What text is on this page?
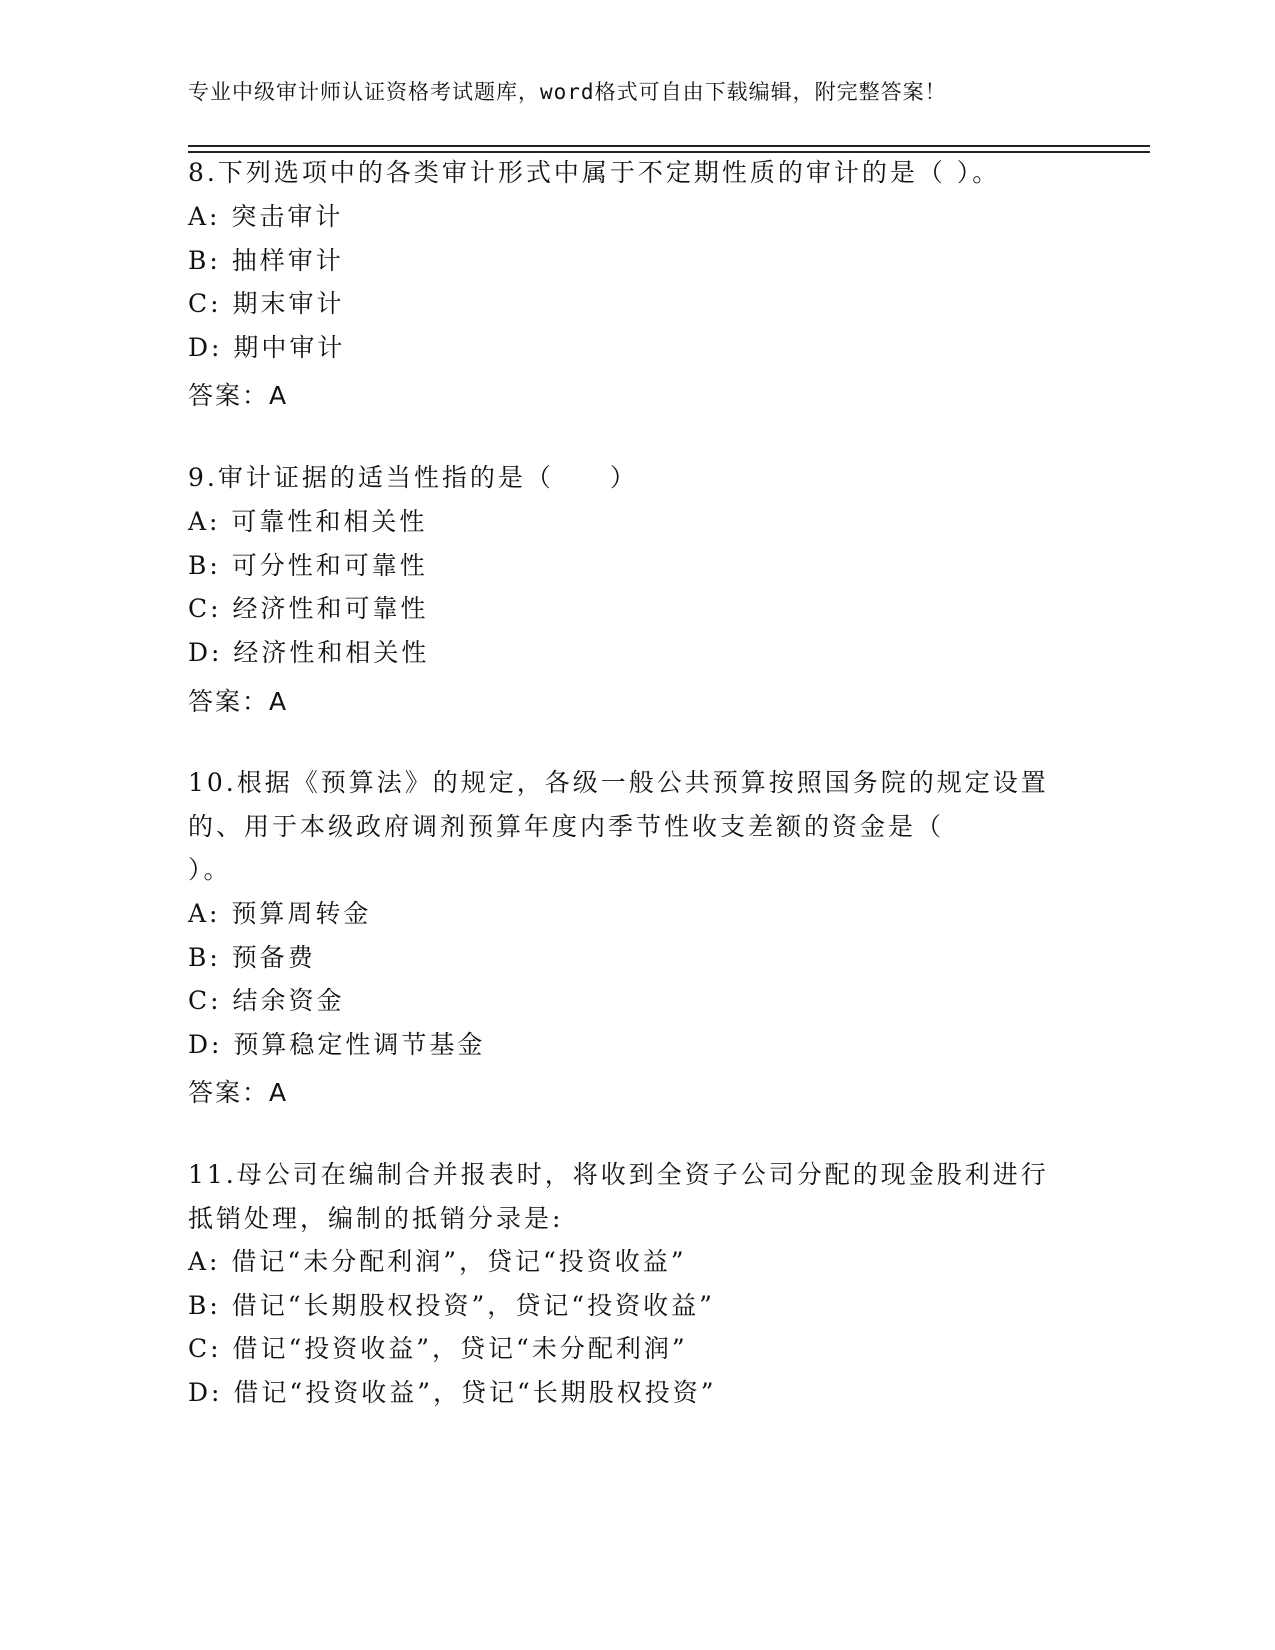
专业中级审计师认证资格考试题库，word格式可自由下载编辑，附完整答案！
8.下列选项中的各类审计形式中属于不定期性质的审计的是（ ）。
A: 突击审计
B: 抽样审计
C: 期末审计
D: 期中审计
答案：A
9.审计证据的适当性指的是（　　）
A: 可靠性和相关性
B: 可分性和可靠性
C: 经济性和可靠性
D: 经济性和相关性
答案：A
10.根据《预算法》的规定，各级一般公共预算按照国务院的规定设置
的、用于本级政府调剂预算年度内季节性收支差额的资金是（
）。
A: 预算周转金
B: 预备费
C: 结余资金
D: 预算稳定性调节基金
答案：A
11.母公司在编制合并报表时，将收到全资子公司分配的现金股利进行
抵销处理，编制的抵销分录是:
A: 借记“未分配利润”，贷记“投资收益”
B: 借记“长期股权投资”，贷记“投资收益”
C: 借记“投资收益”，贷记“未分配利润”
D: 借记“投资收益”，贷记“长期股权投资”
